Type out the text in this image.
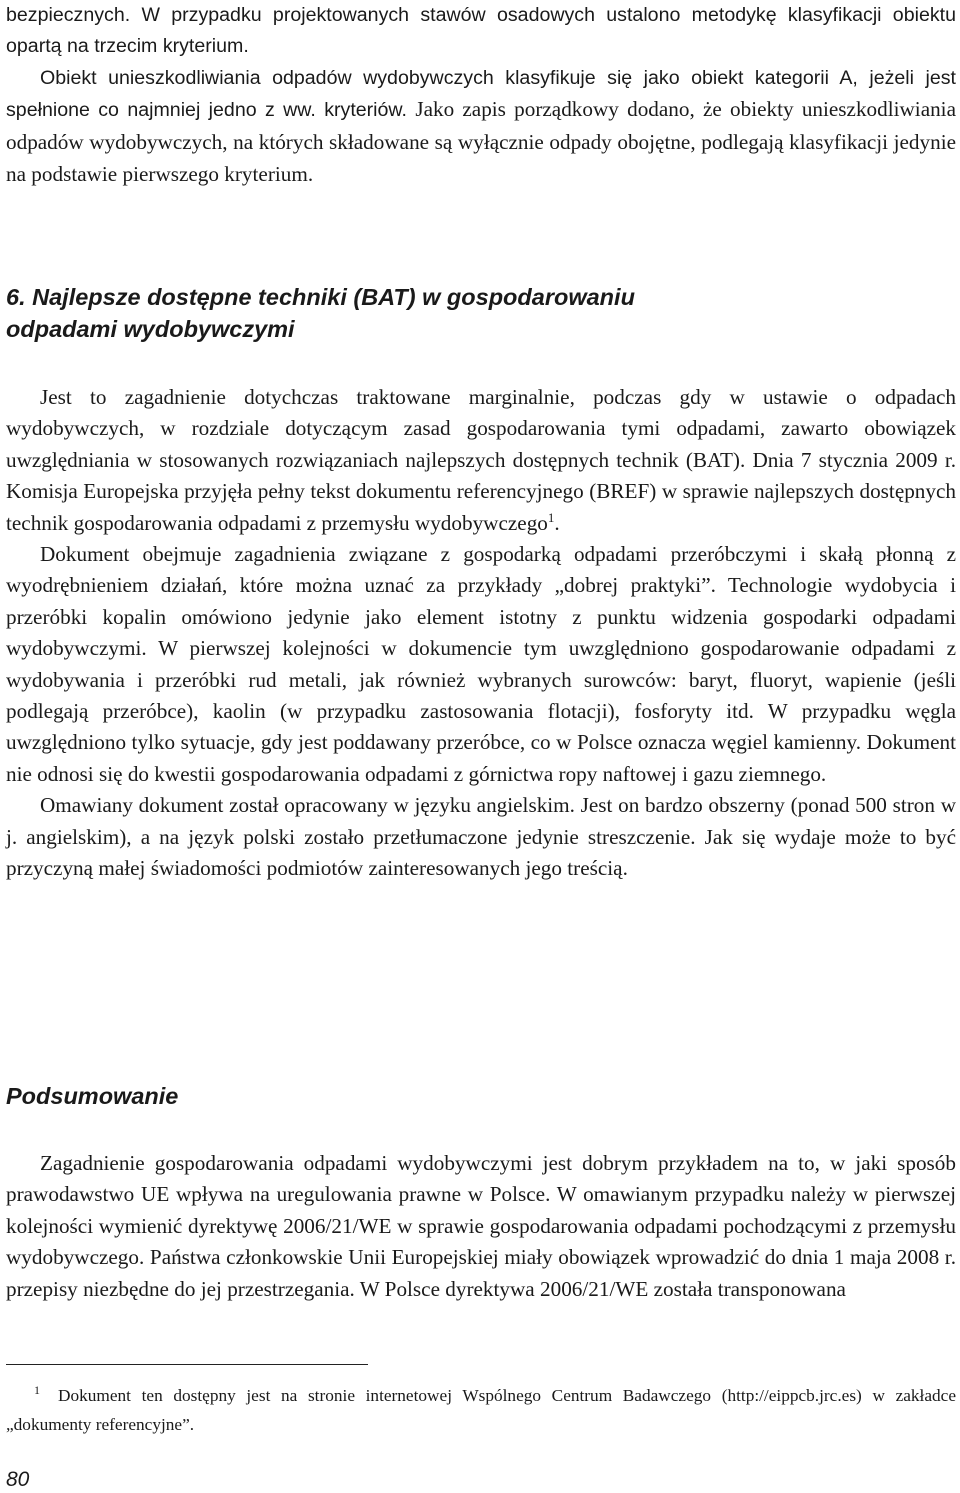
bezpiecznych. W przypadku projektowanych stawów osadowych ustalono metodykę klasyfikacji obiektu opartą na trzecim kryterium.

Obiekt unieszkodliwiania odpadów wydobywczych klasyfikuje się jako obiekt kategorii A, jeżeli jest spełnione co najmniej jedno z ww. kryteriów. Jako zapis porządkowy dodano, że obiekty unieszkodliwiania odpadów wydobywczych, na których składowane są wyłącznie odpady obojętne, podlegają klasyfikacji jedynie na podstawie pierwszego kryterium.

6. Najlepsze dostępne techniki (BAT) w gospodarowaniu
odpadami wydobywczymi

Jest to zagadnienie dotychczas traktowane marginalnie, podczas gdy w ustawie o odpadach wydobywczych, w rozdziale dotyczącym zasad gospodarowania tymi odpadami, zawarto obowiązek uwzględniania w stosowanych rozwiązaniach najlepszych dostępnych technik (BAT). Dnia 7 stycznia 2009 r. Komisja Europejska przyjęła pełny tekst dokumentu referencyjnego (BREF) w sprawie najlepszych dostępnych technik gospodarowania odpadami z przemysłu wydobywczego$^1$.

Dokument obejmuje zagadnienia związane z gospodarką odpadami przeróbczymi i skałą płonną z wyodrębnieniem działań, które można uznać za przykłady „dobrej praktyki”. Technologie wydobycia i przeróbki kopalin omówiono jedynie jako element istotny z punktu widzenia gospodarki odpadami wydobywczymi. W pierwszej kolejności w dokumencie tym uwzględniono gospodarowanie odpadami z wydobywania i przeróbki rud metali, jak również wybranych surowców: baryt, fluoryt, wapienie (jeśli podlegają przeróbce), kaolin (w przypadku zastosowania flotacji), fosforyty itd. W przypadku węgla uwzględniono tylko sytuacje, gdy jest poddawany przeróbce, co w Polsce oznacza węgiel kamienny. Dokument nie odnosi się do kwestii gospodarowania odpadami z górnictwa ropy naftowej i gazu ziemnego.

Omawiany dokument został opracowany w języku angielskim. Jest on bardzo obszerny (ponad 500 stron w j. angielskim), a na język polski zostało przetłumaczone jedynie streszczenie. Jak się wydaje może to być przyczyną małej świadomości podmiotów zainteresowanych jego treścią.

Podsumowanie

Zagadnienie gospodarowania odpadami wydobywczymi jest dobrym przykładem na to, w jaki sposób prawodawstwo UE wpływa na uregulowania prawne w Polsce. W omawianym przypadku należy w pierwszej kolejności wymienić dyrektywę 2006/21/WE w sprawie gospodarowania odpadami pochodzącymi z przemysłu wydobywczego. Państwa członkowskie Unii Europejskiej miały obowiązek wprowadzić do dnia 1 maja 2008 r. przepisy niezbędne do jej przestrzegania. W Polsce dyrektywa 2006/21/WE została transponowana

1 Dokument ten dostępny jest na stronie internetowej Wspólnego Centrum Badawczego (http://eippcb.jrc.es) w zakładce „dokumenty referencyjne”.

80
